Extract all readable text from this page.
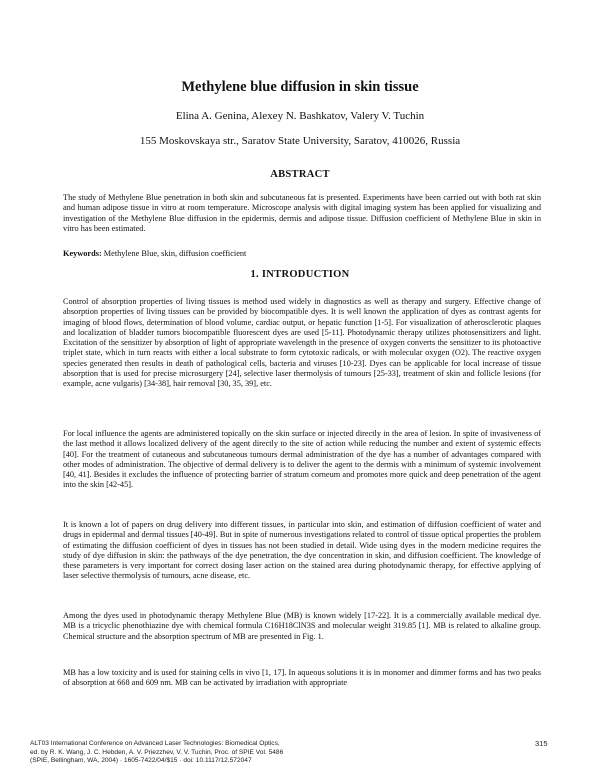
Methylene blue diffusion in skin tissue
Elina A. Genina, Alexey N. Bashkatov, Valery V. Tuchin
155 Moskovskaya str., Saratov State University, Saratov, 410026, Russia
ABSTRACT

The study of Methylene Blue penetration in both skin and subcutaneous fat is presented. Experiments have been carried out with both rat skin and human adipose tissue in vitro at room temperature. Microscope analysis with digital imaging system has been applied for visualizing and investigation of the Methylene Blue diffusion in the epidermis, dermis and adipose tissue. Diffusion coefficient of Methylene Blue in skin in vitro has been estimated.

Keywords: Methylene Blue, skin, diffusion coefficient
1. INTRODUCTION

Control of absorption properties of living tissues is method used widely in diagnostics as well as therapy and surgery. Effective change of absorption properties of living tissues can be provided by biocompatible dyes. It is well known the application of dyes as contrast agents for imaging of blood flows, determination of blood volume, cardiac output, or hepatic function [1-5]. For visualization of atherosclerotic plaques and localization of bladder tumors biocompatible fluorescent dyes are used [5-11]. Photodynamic therapy utilizes photosensitizers and light. Excitation of the sensitizer by absorption of light of appropriate wavelength in the presence of oxygen converts the sensitizer to its photoactive triplet state, which in turn reacts with either a local substrate to form cytotoxic radicals, or with molecular oxygen (O2). The reactive oxygen species generated then results in death of pathological cells, bacteria and viruses [10-23]. Dyes can be applicable for local increase of tissue absorption that is used for precise microsurgery [24], selective laser thermolysis of tumours [25-33], treatment of skin and follicle lesions (for example, acne vulgaris) [34-38], hair removal [30, 35, 39], etc.

For local influence the agents are administered topically on the skin surface or injected directly in the area of lesion. In spite of invasiveness of the last method it allows localized delivery of the agent directly to the site of action while reducing the number and extent of systemic effects [40]. For the treatment of cutaneous and subcutaneous tumours dermal administration of the dye has a number of advantages compared with other modes of administration. The objective of dermal delivery is to deliver the agent to the dermis with a minimum of systemic involvement [40, 41]. Besides it excludes the influence of protecting barrier of stratum corneum and promotes more quick and deep penetration of the agent into the skin [42-45].

It is known a lot of papers on drug delivery into different tissues, in particular into skin, and estimation of diffusion coefficient of water and drugs in epidermal and dermal tissues [40-49]. But in spite of numerous investigations related to control of tissue optical properties the problem of estimating the diffusion coefficient of dyes in tissues has not been studied in detail. Wide using dyes in the modern medicine requires the study of dye diffusion in skin: the pathways of the dye penetration, the dye concentration in skin, and diffusion coefficient. The knowledge of these parameters is very important for correct dosing laser action on the stained area during photodynamic therapy, for effective applying of laser selective thermolysis of tumours, acne disease, etc.

Among the dyes used in photodynamic therapy Methylene Blue (MB) is known widely [17-22]. It is a commercially available medical dye. MB is a tricyclic phenothiazine dye with chemical formula C16H18ClN3S and molecular weight 319.85 [1]. MB is related to alkaline group. Chemical structure and the absorption spectrum of MB are presented in Fig. 1.

MB has a low toxicity and is used for staining cells in vivo [1, 17]. In aqueous solutions it is in monomer and dimmer forms and has two peaks of absorption at 668 and 609 nm. MB can be activated by irradiation with appropriate

ALT03 International Conference on Advanced Laser Technologies: Biomedical Optics,
ed. by R. K. Wang, J. C. Hebden, A. V. Priezzhev, V. V. Tuchin, Proc. of SPIE Vol. 5486
(SPIE, Bellingham, WA, 2004) · 1605-7422/04/$15 · doi: 10.1117/12.572047
315
